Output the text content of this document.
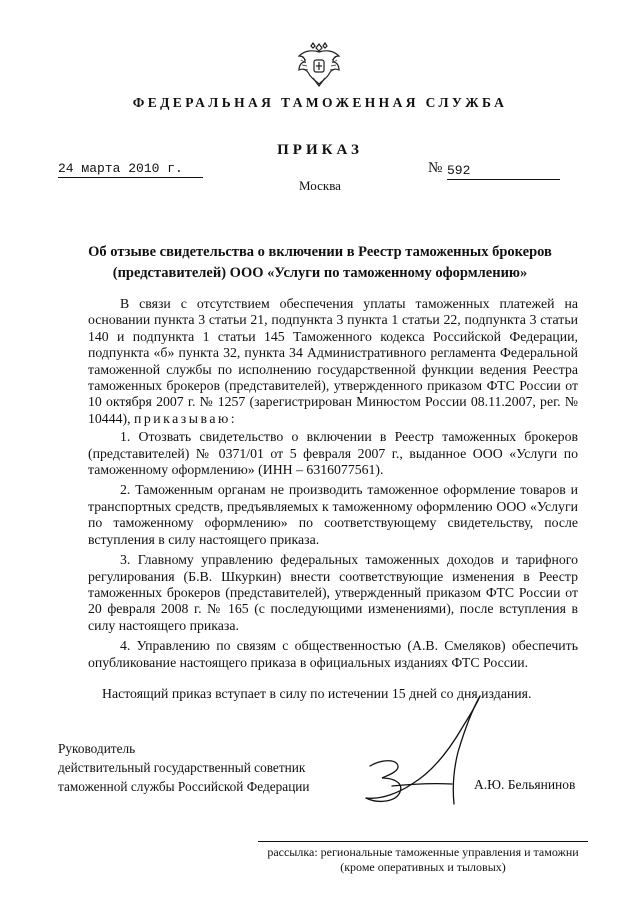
ФЕДЕРАЛЬНАЯ ТАМОЖЕННАЯ СЛУЖБА
ПРИКАЗ
24 марта 2010 г.	№ 592
Москва
Об отзыве свидетельства о включении в Реестр таможенных брокеров (представителей) ООО «Услуги по таможенному оформлению»

В связи с отсутствием обеспечения уплаты таможенных платежей на основании пункта 3 статьи 21, подпункта 3 пункта 1 статьи 22, подпункта 3 статьи 140 и подпункта 1 статьи 145 Таможенного кодекса Российской Федерации, подпункта «б» пункта 32, пункта 34 Административного регламента Федеральной таможенной службы по исполнению государственной функции ведения Реестра таможенных брокеров (представителей), утвержденного приказом ФТС России от 10 октября 2007 г. № 1257 (зарегистрирован Минюстом России 08.11.2007, рег. № 10444), приказываю:

1. Отозвать свидетельство о включении в Реестр таможенных брокеров (представителей) № 0371/01 от 5 февраля 2007 г., выданное ООО «Услуги по таможенному оформлению» (ИНН – 6316077561).

2. Таможенным органам не производить таможенное оформление товаров и транспортных средств, предъявляемых к таможенному оформлению ООО «Услуги по таможенному оформлению» по соответствующему свидетельству, после вступления в силу настоящего приказа.

3. Главному управлению федеральных таможенных доходов и тарифного регулирования (Б.В. Шкуркин) внести соответствующие изменения в Реестр таможенных брокеров (представителей), утвержденный приказом ФТС России от 20 февраля 2008 г. № 165 (с последующими изменениями), после вступления в силу настоящего приказа.

4. Управлению по связям с общественностью (А.В. Смеляков) обеспечить опубликование настоящего приказа в официальных изданиях ФТС России.

Настоящий приказ вступает в силу по истечении 15 дней со дня издания.
Руководитель
действительный государственный советник
таможенной службы Российской Федерации	А.Ю. Бельянинов
рассылка: региональные таможенные управления и таможни
(кроме оперативных и тыловых)
